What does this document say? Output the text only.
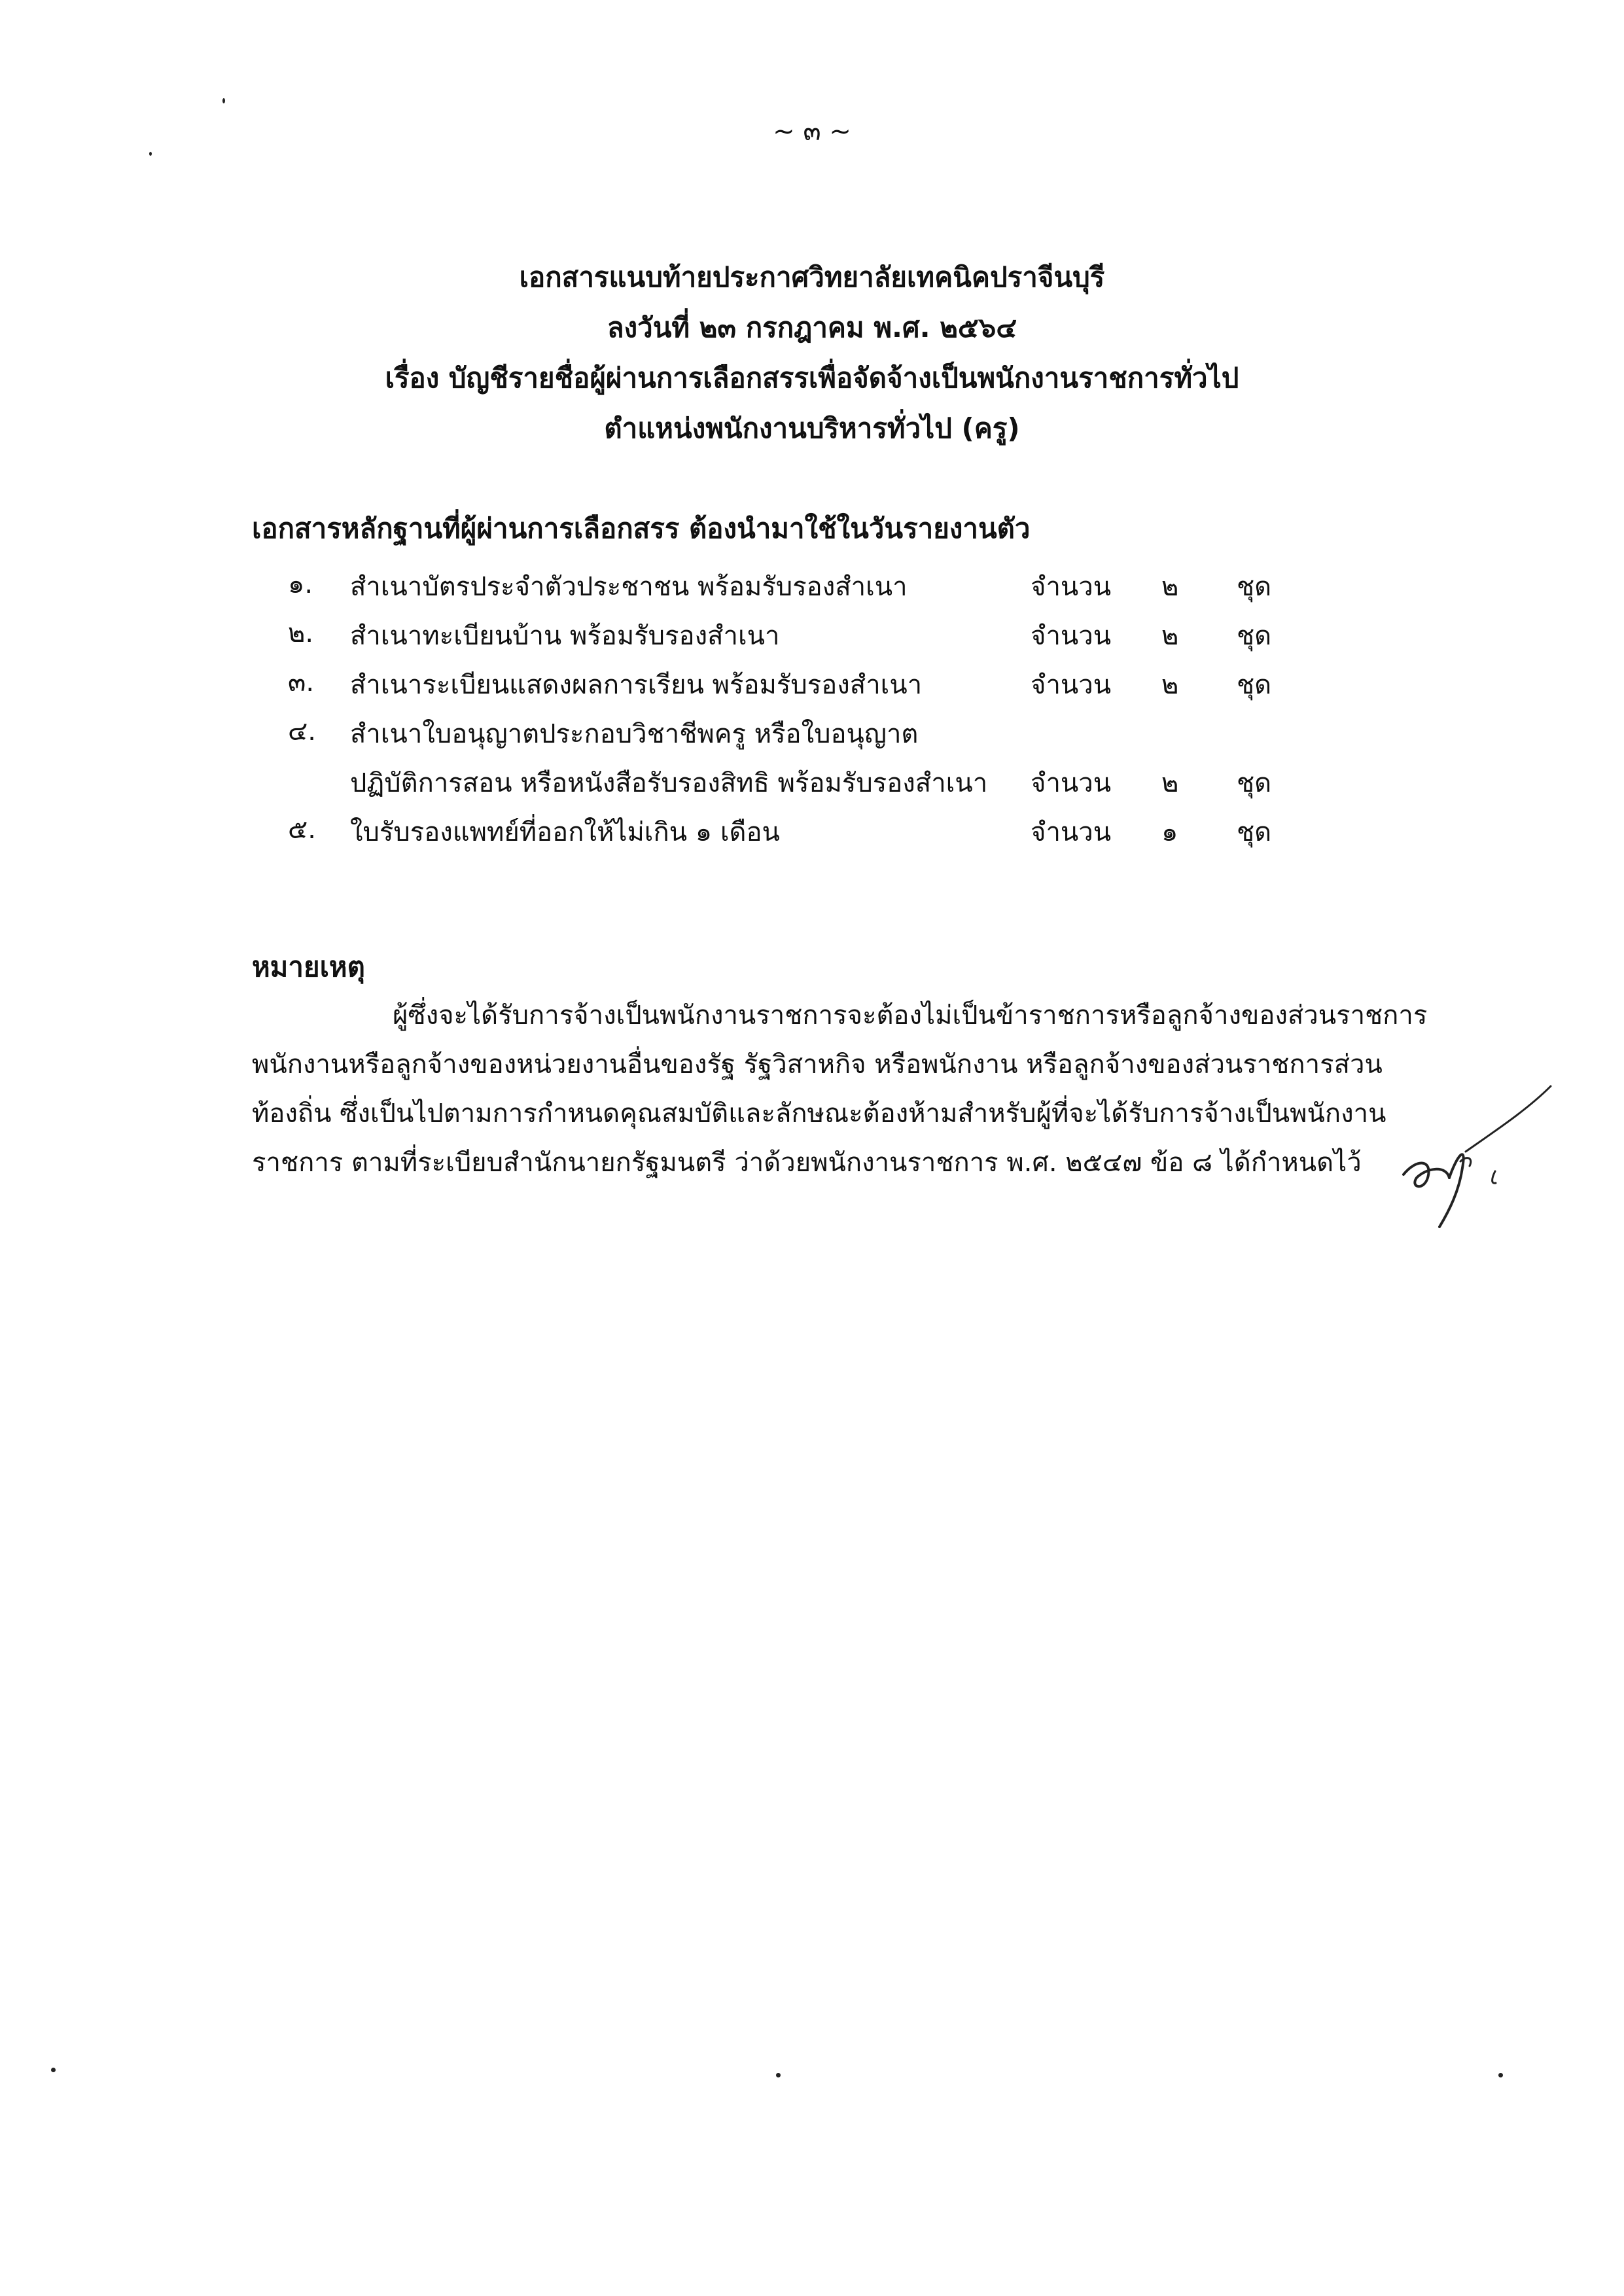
~ ๓ ~
เอกสารแนบท้ายประกาศวิทยาลัยเทคนิคปราจีนบุรี
ลงวันที่ ๒๓ กรกฎาคม พ.ศ. ๒๕๖๔
เรื่อง บัญชีรายชื่อผู้ผ่านการเลือกสรรเพื่อจัดจ้างเป็นพนักงานราชการทั่วไป
ตำแหน่งพนักงานบริหารทั่วไป (ครู)
เอกสารหลักฐานที่ผู้ผ่านการเลือกสรร ต้องนำมาใช้ในวันรายงานตัว
๑. สำเนาบัตรประจำตัวประชาชน พร้อมรับรองสำเนา	จำนวน ๒ ชุด
๒. สำเนาทะเบียนบ้าน พร้อมรับรองสำเนา	จำนวน ๒ ชุด
๓. สำเนาระเบียนแสดงผลการเรียน พร้อมรับรองสำเนา	จำนวน ๒ ชุด
๔. สำเนาใบอนุญาตประกอบวิชาชีพครู หรือใบอนุญาต
ปฏิบัติการสอน หรือหนังสือรับรองสิทธิ พร้อมรับรองสำเนา จำนวน ๒ ชุด
๕. ใบรับรองแพทย์ที่ออกให้ไม่เกิน ๑ เดือน	จำนวน ๑ ชุด
หมายเหตุ
ผู้ซึ่งจะได้รับการจ้างเป็นพนักงานราชการจะต้องไม่เป็นข้าราชการหรือลูกจ้างของส่วนราชการ
พนักงานหรือลูกจ้างของหน่วยงานอื่นของรัฐ รัฐวิสาหกิจ หรือพนักงาน หรือลูกจ้างของส่วนราชการส่วน
ท้องถิ่น ซึ่งเป็นไปตามการกำหนดคุณสมบัติและลักษณะต้องห้ามสำหรับผู้ที่จะได้รับการจ้างเป็นพนักงาน
ราชการ ตามที่ระเบียบสำนักนายกรัฐมนตรี ว่าด้วยพนักงานราชการ พ.ศ. ๒๕๔๗ ข้อ ๘ ได้กำหนดไว้
